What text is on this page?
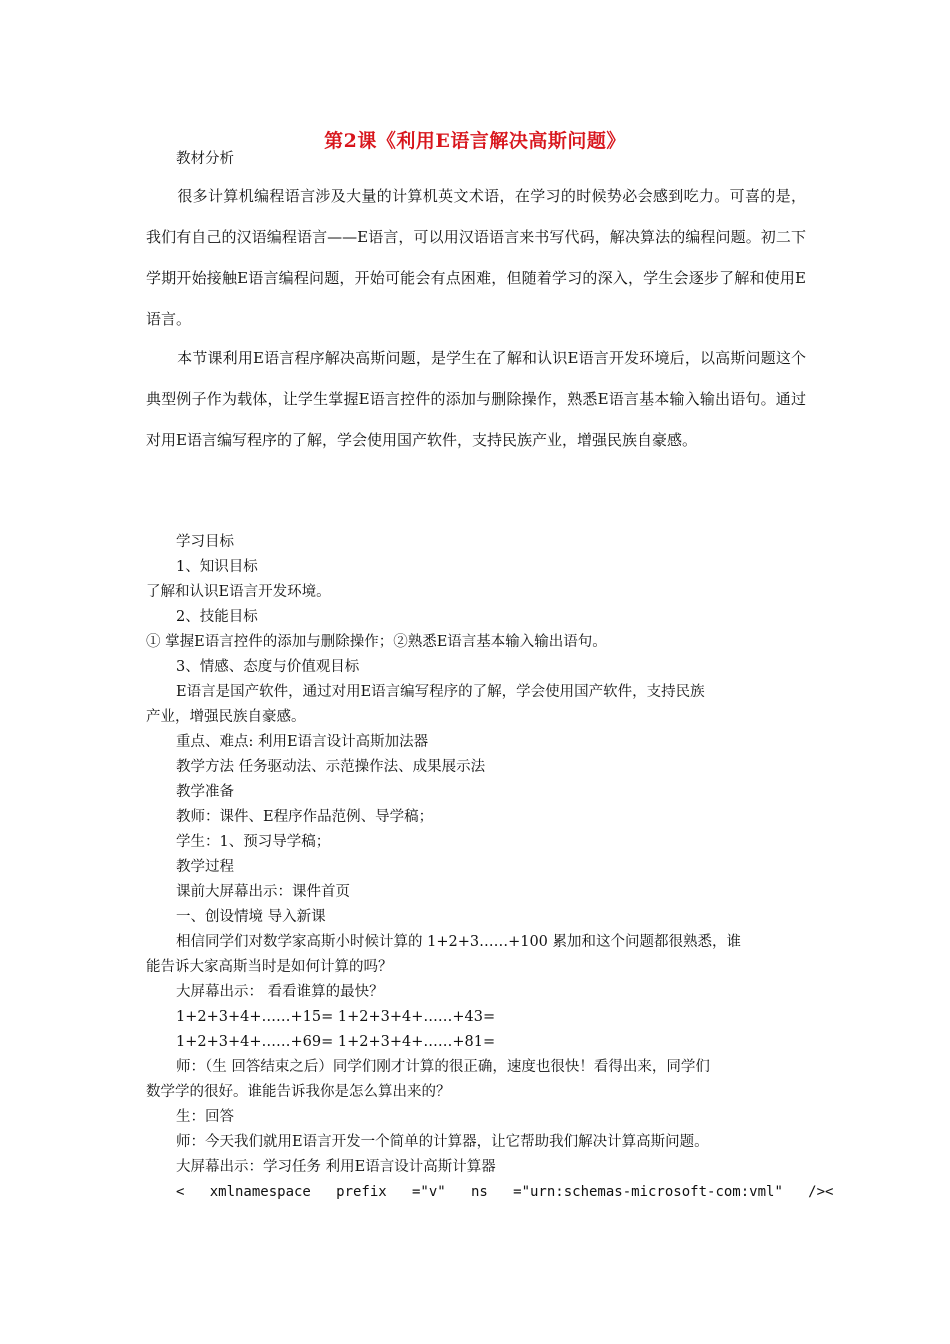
第2课《利用E语言解决高斯问题》

教材分析

很多计算机编程语言涉及大量的计算机英文术语，在学习的时候势必会感到吃力。可喜的是，我们有自己的汉语编程语言——E语言，可以用汉语语言来书写代码，解决算法的编程问题。初二下学期开始接触E语言编程问题，开始可能会有点困难，但随着学习的深入，学生会逐步了解和使用E语言。

本节课利用E语言程序解决高斯问题，是学生在了解和认识E语言开发环境后，以高斯问题这个典型例子作为载体，让学生掌握E语言控件的添加与删除操作，熟悉E语言基本输入输出语句。通过对用E语言编写程序的了解，学会使用国产软件，支持民族产业，增强民族自豪感。

学习目标

1、知识目标

了解和认识E语言开发环境。

2、技能目标

① 掌握E语言控件的添加与删除操作；②熟悉E语言基本输入输出语句。

3、情感、态度与价值观目标

E语言是国产软件，通过对用E语言编写程序的了解，学会使用国产软件，支持民族

产业，增强民族自豪感。

重点、难点: 利用E语言设计高斯加法器

教学方法 任务驱动法、示范操作法、成果展示法

教学准备

教师：课件、E程序作品范例、导学稿；

学生：1、预习导学稿；

教学过程

课前大屏幕出示：课件首页

一、创设情境 导入新课

相信同学们对数学家高斯小时候计算的 1+2+3……+100 累加和这个问题都很熟悉，谁

能告诉大家高斯当时是如何计算的吗？

大屏幕出示： 看看谁算的最快？

1+2+3+4+……+15= 1+2+3+4+……+43=

1+2+3+4+……+69= 1+2+3+4+……+81=

师：（生 回答结束之后）同学们刚才计算的很正确，速度也很快！看得出来，同学们

数学学的很好。谁能告诉我你是怎么算出来的？

生：回答

师：今天我们就用E语言开发一个简单的计算器，让它帮助我们解决计算高斯问题。

大屏幕出示：学习任务 利用E语言设计高斯计算器

<   xmlnamespace   prefix   ="v"   ns   ="urn:schemas-microsoft-com:vml"   /><
